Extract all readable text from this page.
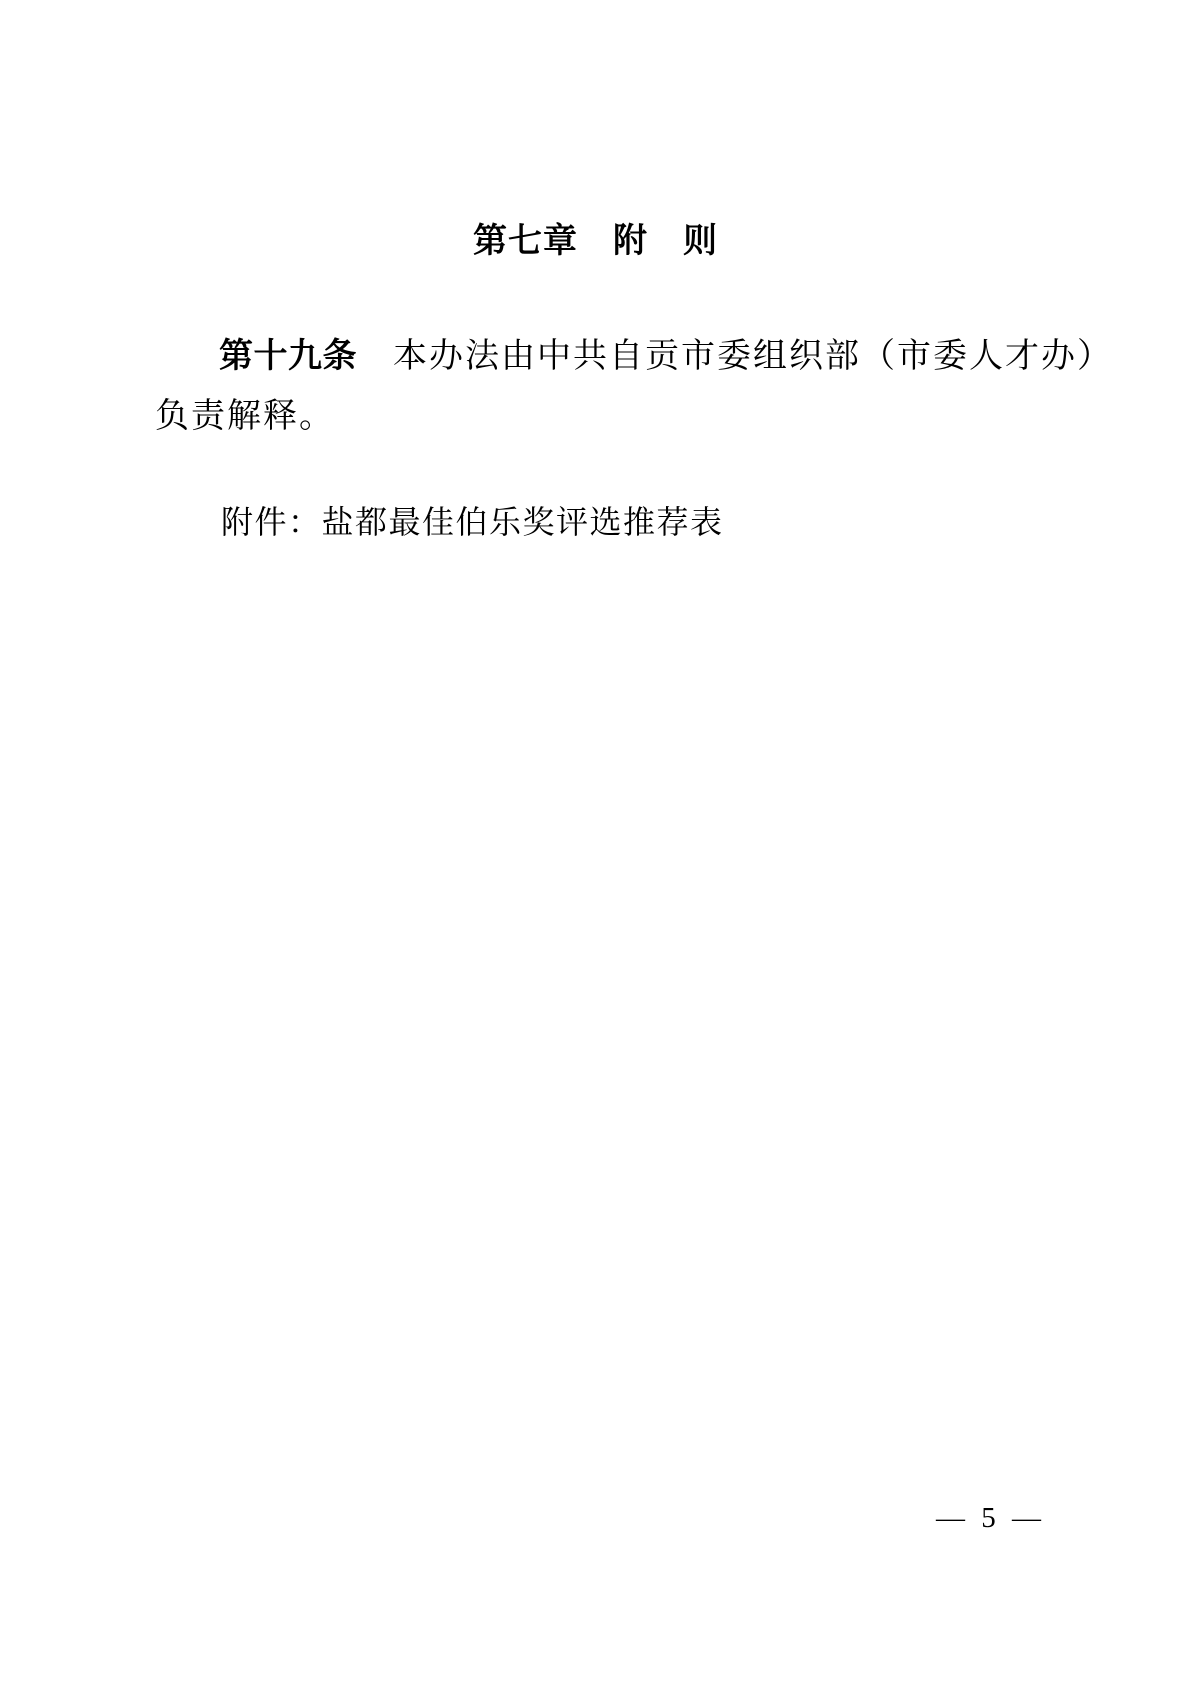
第七章　附　则
第十九条　本办法由中共自贡市委组织部（市委人才办）
负责解释。
附件：盐都最佳伯乐奖评选推荐表
— 5 —
